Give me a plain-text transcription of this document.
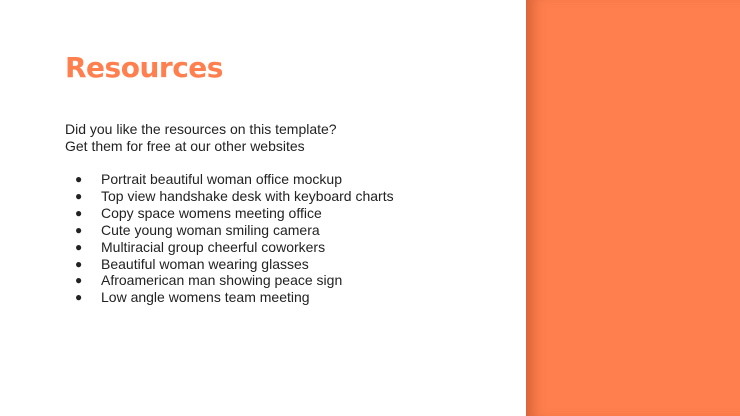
Resources
Did you like the resources on this template?
Get them for free at our other websites
● Portrait beautiful woman office mockup
● Top view handshake desk with keyboard charts
● Copy space womens meeting office
● Cute young woman smiling camera
● Multiracial group cheerful coworkers
● Beautiful woman wearing glasses
● Afroamerican man showing peace sign
● Low angle womens team meeting
